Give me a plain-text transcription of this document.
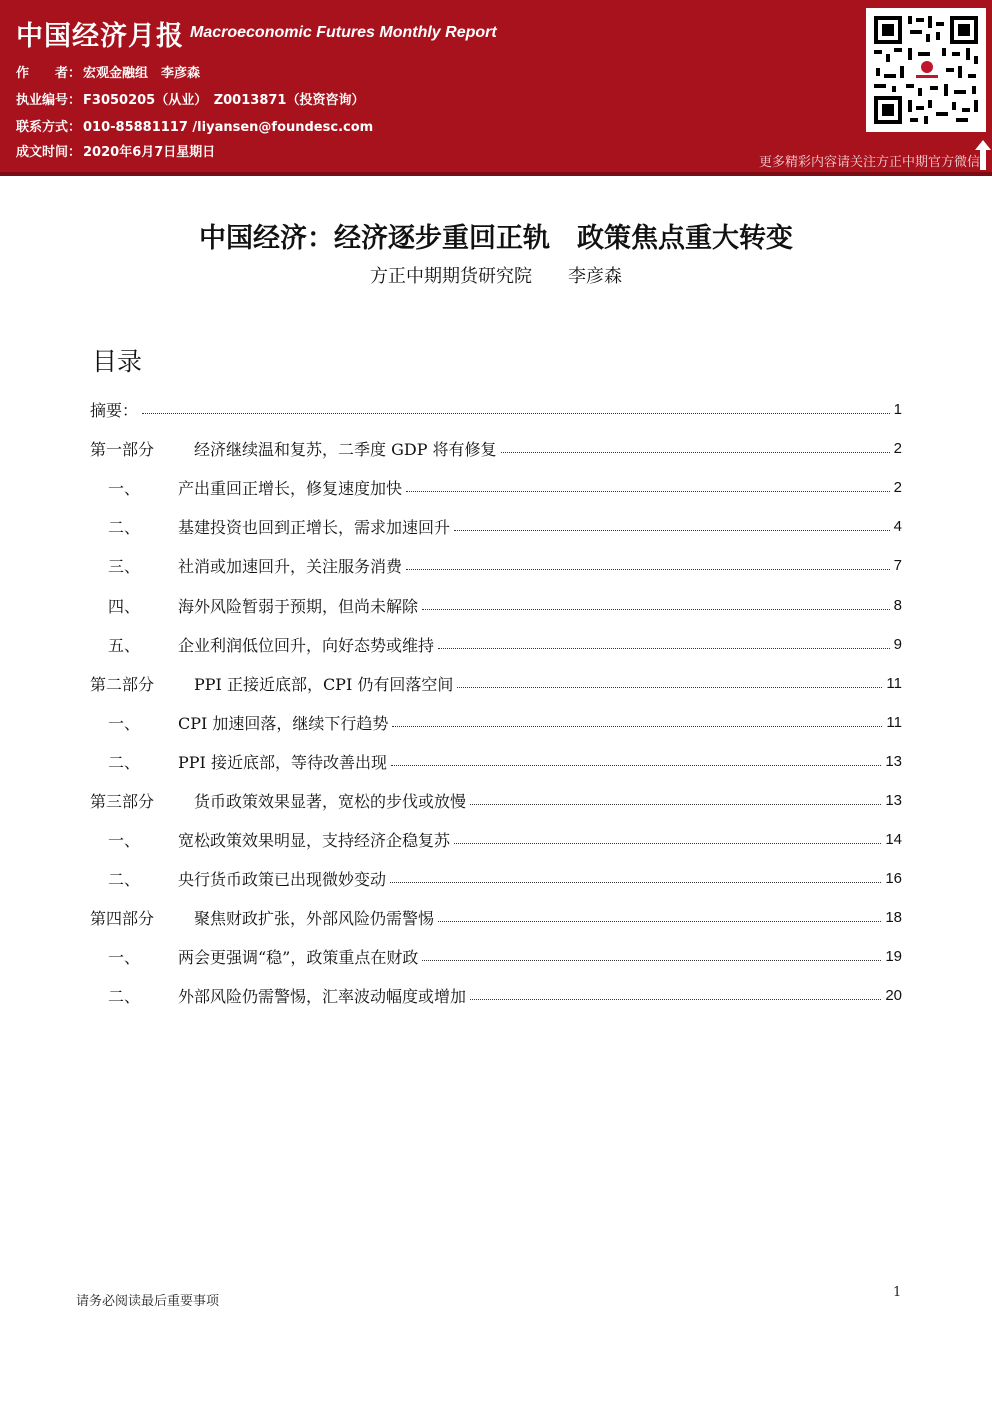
中国经济月报 Macroeconomic Futures Monthly Report
作　　者： 宏观金融组　李彦森
执业编号： F3050205（从业）　Z0013871（投资咨询）
联系方式： 010-85881117 /liyansen@foundesc.com
成文时间： 2020年6月7日星期日
更多精彩内容请关注方正中期官方微信
中国经济：经济逐步重回正轨　政策焦点重大转变
方正中期期货研究院　　李彦森
目录
摘要：	1
第一部分	经济继续温和复苏，二季度 GDP 将有修复	2
一、	产出重回正增长，修复速度加快	2
二、	基建投资也回到正增长，需求加速回升	4
三、	社消或加速回升，关注服务消费	7
四、	海外风险暂弱于预期，但尚未解除	8
五、	企业利润低位回升，向好态势或维持	9
第二部分	PPI 正接近底部，CPI 仍有回落空间	11
一、	CPI 加速回落，继续下行趋势	11
二、	PPI 接近底部，等待改善出现	13
第三部分	货币政策效果显著，宽松的步伐或放慢	13
一、	宽松政策效果明显，支持经济企稳复苏	14
二、	央行货币政策已出现微妙变动	16
第四部分	聚焦财政扩张，外部风险仍需警惕	18
一、	两会更强调“稳”，政策重点在财政	19
二、	外部风险仍需警惕，汇率波动幅度或增加	20
请务必阅读最后重要事项
1
